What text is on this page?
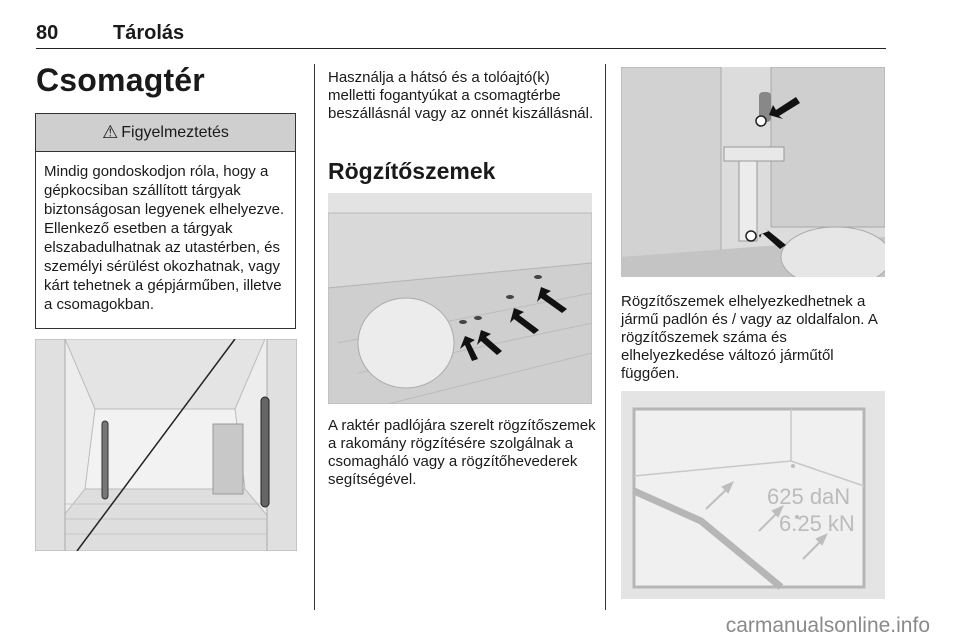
80	Tárolás
Csomagtér
⚠ Figyelmeztetés
Mindig gondoskodjon róla, hogy a gépkocsiban szállított tárgyak biztonságosan legyenek elhelyezve. Ellenkező esetben a tárgyak elszabadulhatnak az utastérben, és személyi sérülést okozhatnak, vagy kárt tehetnek a gépjárműben, illetve a csomagokban.
Használja a hátsó és a tolóajtó(k) melletti fogantyúkat a csomagtérbe beszállásnál vagy az onnét kiszállásnál.
Rögzítőszemek
A raktér padlójára szerelt rögzítőszemek a rakomány rögzítésére szolgálnak a csomagháló vagy a rögzítőhevederek segítségével.
Rögzítőszemek elhelyezkedhetnek a jármű padlón és / vagy az oldalfalon. A rögzítőszemek száma és elhelyezkedése változó járműtől függően.
625 daN
6.25 kN
carmanualsonline.info
